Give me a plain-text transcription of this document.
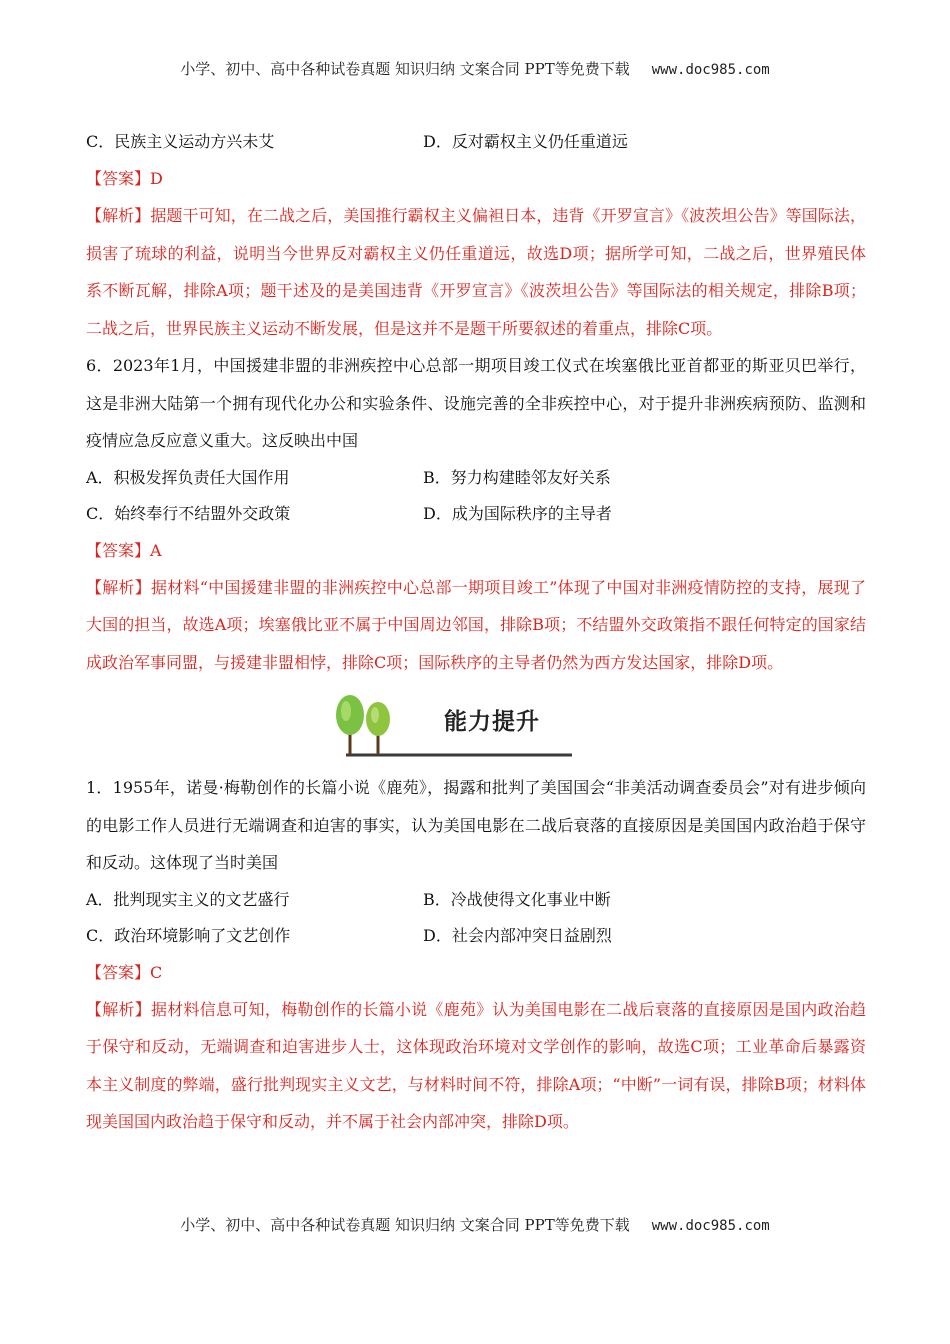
小学、初中、高中各种试卷真题 知识归纳 文案合同 PPT等免费下载 www.doc985.com
C．民族主义运动方兴未艾	D．反对霸权主义仍任重道远
【答案】D
【解析】据题干可知，在二战之后，美国推行霸权主义偏袒日本，违背《开罗宣言》《波茨坦公告》等国际法，损害了琉球的利益，说明当今世界反对霸权主义仍任重道远，故选D项；据所学可知，二战之后，世界殖民体系不断瓦解，排除A项；题干述及的是美国违背《开罗宣言》《波茨坦公告》等国际法的相关规定，排除B项；二战之后，世界民族主义运动不断发展，但是这并不是题干所要叙述的着重点，排除C项。
6．2023年1月，中国援建非盟的非洲疾控中心总部一期项目竣工仪式在埃塞俄比亚首都亚的斯亚贝巴举行，这是非洲大陆第一个拥有现代化办公和实验条件、设施完善的全非疾控中心，对于提升非洲疾病预防、监测和疫情应急反应意义重大。这反映出中国
A．积极发挥负责任大国作用	B．努力构建睦邻友好关系
C．始终奉行不结盟外交政策	D．成为国际秩序的主导者
【答案】A
【解析】据材料“中国援建非盟的非洲疾控中心总部一期项目竣工”体现了中国对非洲疫情防控的支持，展现了大国的担当，故选A项；埃塞俄比亚不属于中国周边邻国，排除B项；不结盟外交政策指不跟任何特定的国家结成政治军事同盟，与援建非盟相悖，排除C项；国际秩序的主导者仍然为西方发达国家，排除D项。
能力提升
1．1955年，诺曼·梅勒创作的长篇小说《鹿苑》，揭露和批判了美国国会“非美活动调查委员会”对有进步倾向的电影工作人员进行无端调查和迫害的事实，认为美国电影在二战后衰落的直接原因是美国国内政治趋于保守和反动。这体现了当时美国
A．批判现实主义的文艺盛行	B．冷战使得文化事业中断
C．政治环境影响了文艺创作	D．社会内部冲突日益剧烈
【答案】C
【解析】据材料信息可知，梅勒创作的长篇小说《鹿苑》认为美国电影在二战后衰落的直接原因是国内政治趋于保守和反动，无端调查和迫害进步人士，这体现政治环境对文学创作的影响，故选C项；工业革命后暴露资本主义制度的弊端，盛行批判现实主义文艺，与材料时间不符，排除A项；“中断”一词有误，排除B项；材料体现美国国内政治趋于保守和反动，并不属于社会内部冲突，排除D项。
小学、初中、高中各种试卷真题 知识归纳 文案合同 PPT等免费下载 www.doc985.com
